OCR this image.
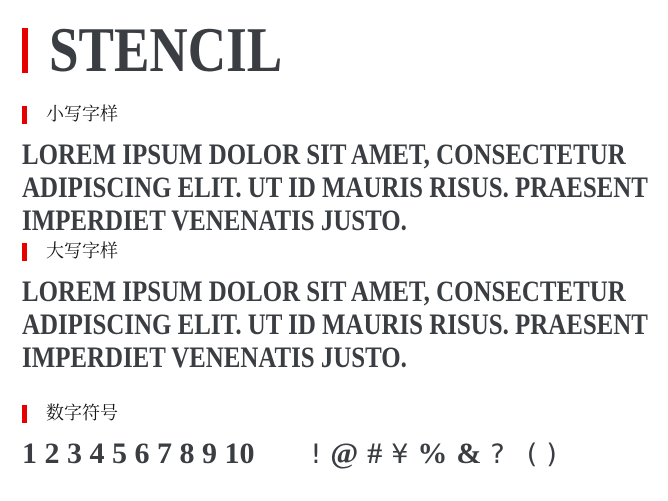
STENCIL
小写字样

LOREM IPSUM DOLOR SIT AMET, CONSECTETUR
ADIPISCING ELIT. UT ID MAURIS RISUS. PRAESENT
IMPERDIET VENENATIS JUSTO.

大写字样

LOREM IPSUM DOLOR SIT AMET, CONSECTETUR
ADIPISCING ELIT. UT ID MAURIS RISUS. PRAESENT
IMPERDIET VENENATIS JUSTO.

数字符号
1 2 3 4 5 6 7 8 9 10 ! @ # ¥ % & ? ( )
